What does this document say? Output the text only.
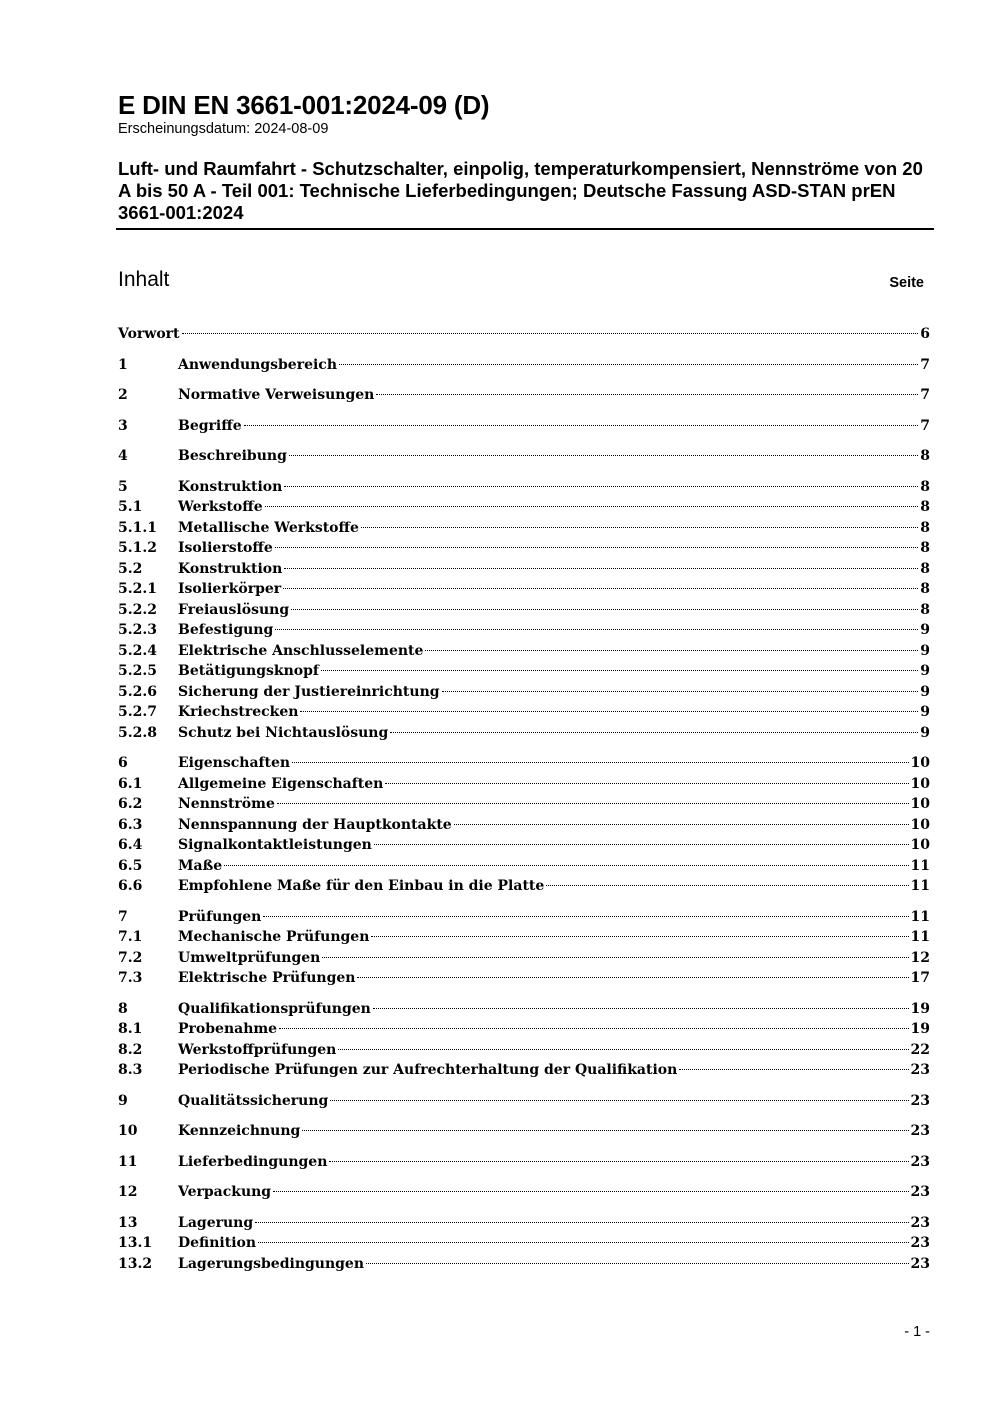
E DIN EN 3661-001:2024-09 (D)
Erscheinungsdatum: 2024-08-09
Luft- und Raumfahrt - Schutzschalter, einpolig, temperaturkompensiert, Nennströme von 20 A bis 50 A - Teil 001: Technische Lieferbedingungen; Deutsche Fassung ASD-STAN prEN 3661-001:2024
Inhalt	Seite
Vorwort	6
1	Anwendungsbereich	7
2	Normative Verweisungen	7
3	Begriffe	7
4	Beschreibung	8
5	Konstruktion	8
5.1	Werkstoffe	8
5.1.1	Metallische Werkstoffe	8
5.1.2	Isolierstoffe	8
5.2	Konstruktion	8
5.2.1	Isolierkörper	8
5.2.2	Freiauslösung	8
5.2.3	Befestigung	9
5.2.4	Elektrische Anschlusselemente	9
5.2.5	Betätigungsknopf	9
5.2.6	Sicherung der Justiereinrichtung	9
5.2.7	Kriechstrecken	9
5.2.8	Schutz bei Nichtauslösung	9
6	Eigenschaften	10
6.1	Allgemeine Eigenschaften	10
6.2	Nennströme	10
6.3	Nennspannung der Hauptkontakte	10
6.4	Signalkontaktleistungen	10
6.5	Maße	11
6.6	Empfohlene Maße für den Einbau in die Platte	11
7	Prüfungen	11
7.1	Mechanische Prüfungen	11
7.2	Umweltprüfungen	12
7.3	Elektrische Prüfungen	17
8	Qualifikationsprüfungen	19
8.1	Probenahme	19
8.2	Werkstoffprüfungen	22
8.3	Periodische Prüfungen zur Aufrechterhaltung der Qualifikation	23
9	Qualitätssicherung	23
10	Kennzeichnung	23
11	Lieferbedingungen	23
12	Verpackung	23
13	Lagerung	23
13.1	Definition	23
13.2	Lagerungsbedingungen	23
- 1 -
